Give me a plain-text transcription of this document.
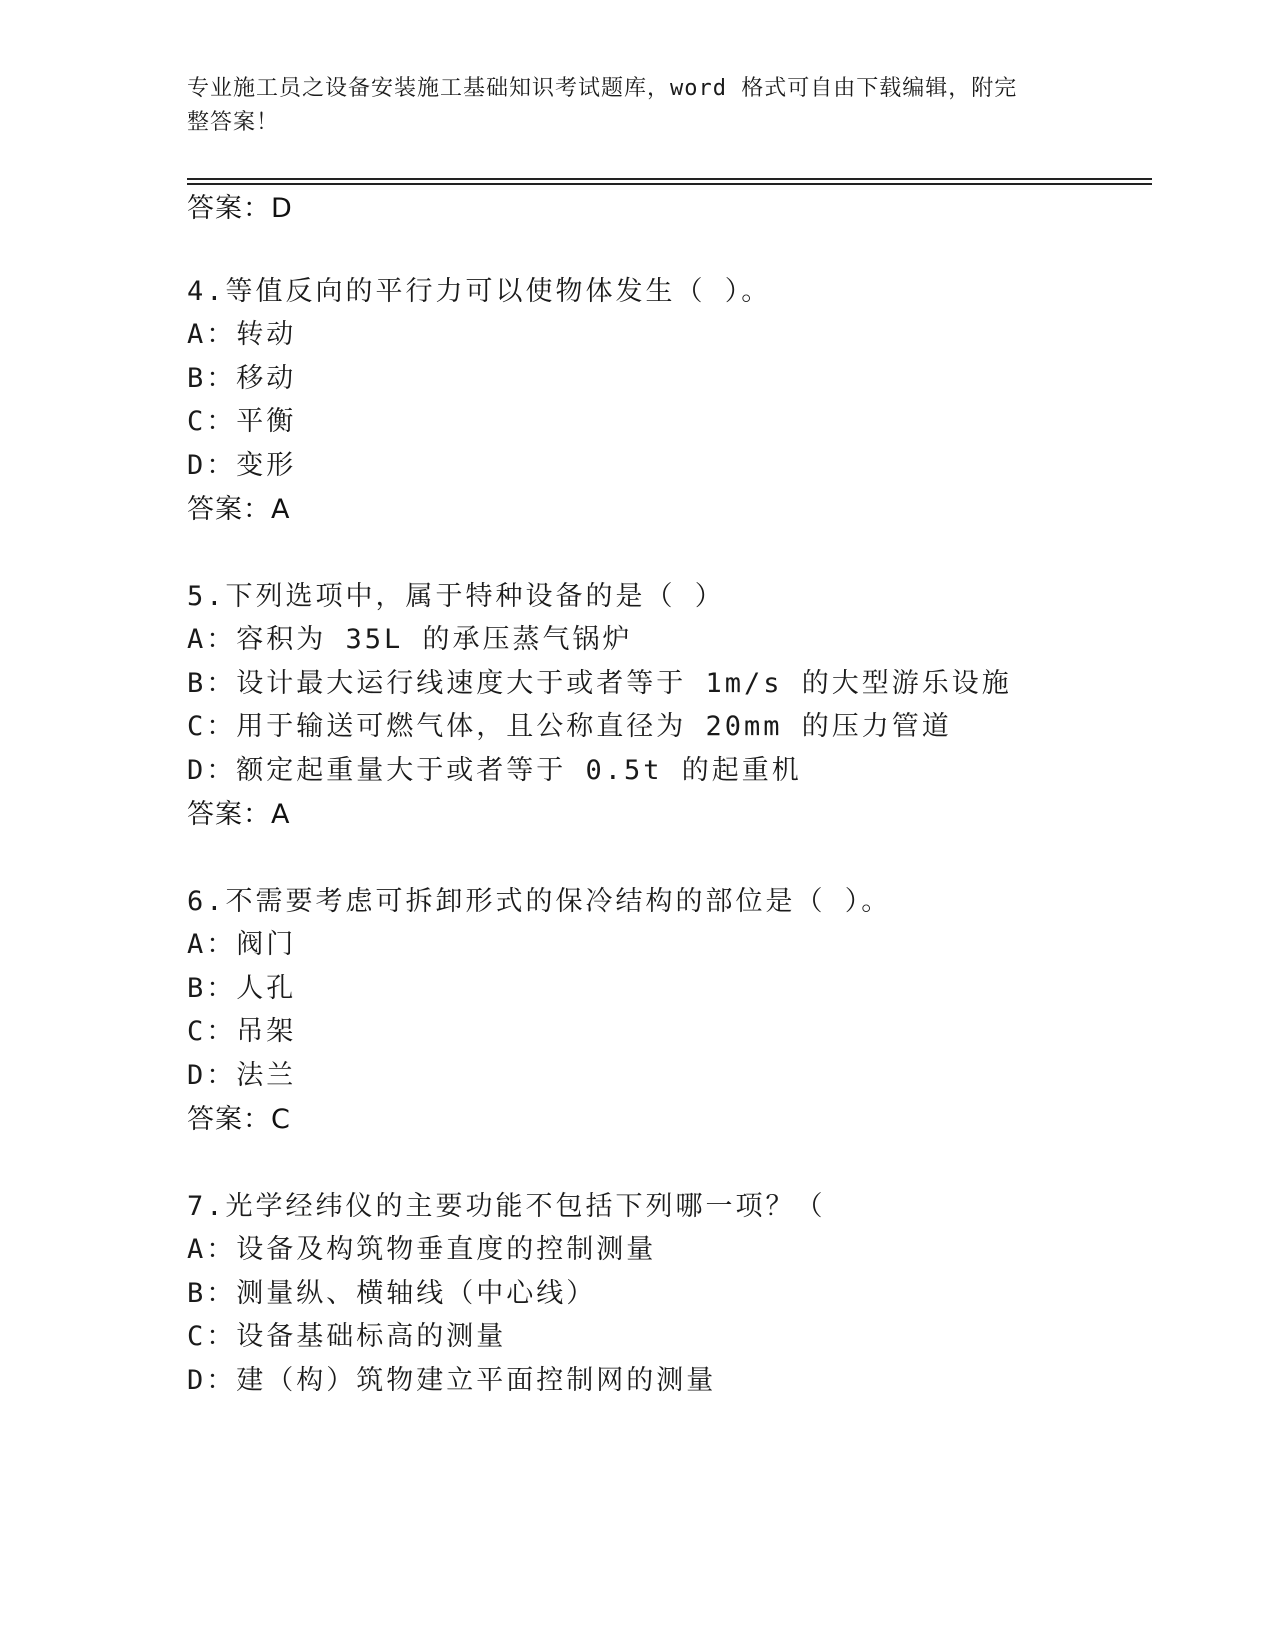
专业施工员之设备安装施工基础知识考试题库，word 格式可自由下载编辑，附完
整答案！
答案：D
4.等值反向的平行力可以使物体发生（ ）。
A：转动
B：移动
C：平衡
D：变形
答案：A
5.下列选项中，属于特种设备的是（ ）
A：容积为 35L 的承压蒸气锅炉
B：设计最大运行线速度大于或者等于 1m/s 的大型游乐设施
C：用于输送可燃气体，且公称直径为 20mm 的压力管道
D：额定起重量大于或者等于 0.5t 的起重机
答案：A
6.不需要考虑可拆卸形式的保冷结构的部位是（ ）。
A：阀门
B：人孔
C：吊架
D：法兰
答案：C
7.光学经纬仪的主要功能不包括下列哪一项？（
A：设备及构筑物垂直度的控制测量
B：测量纵、横轴线（中心线）
C：设备基础标高的测量
D：建（构）筑物建立平面控制网的测量
